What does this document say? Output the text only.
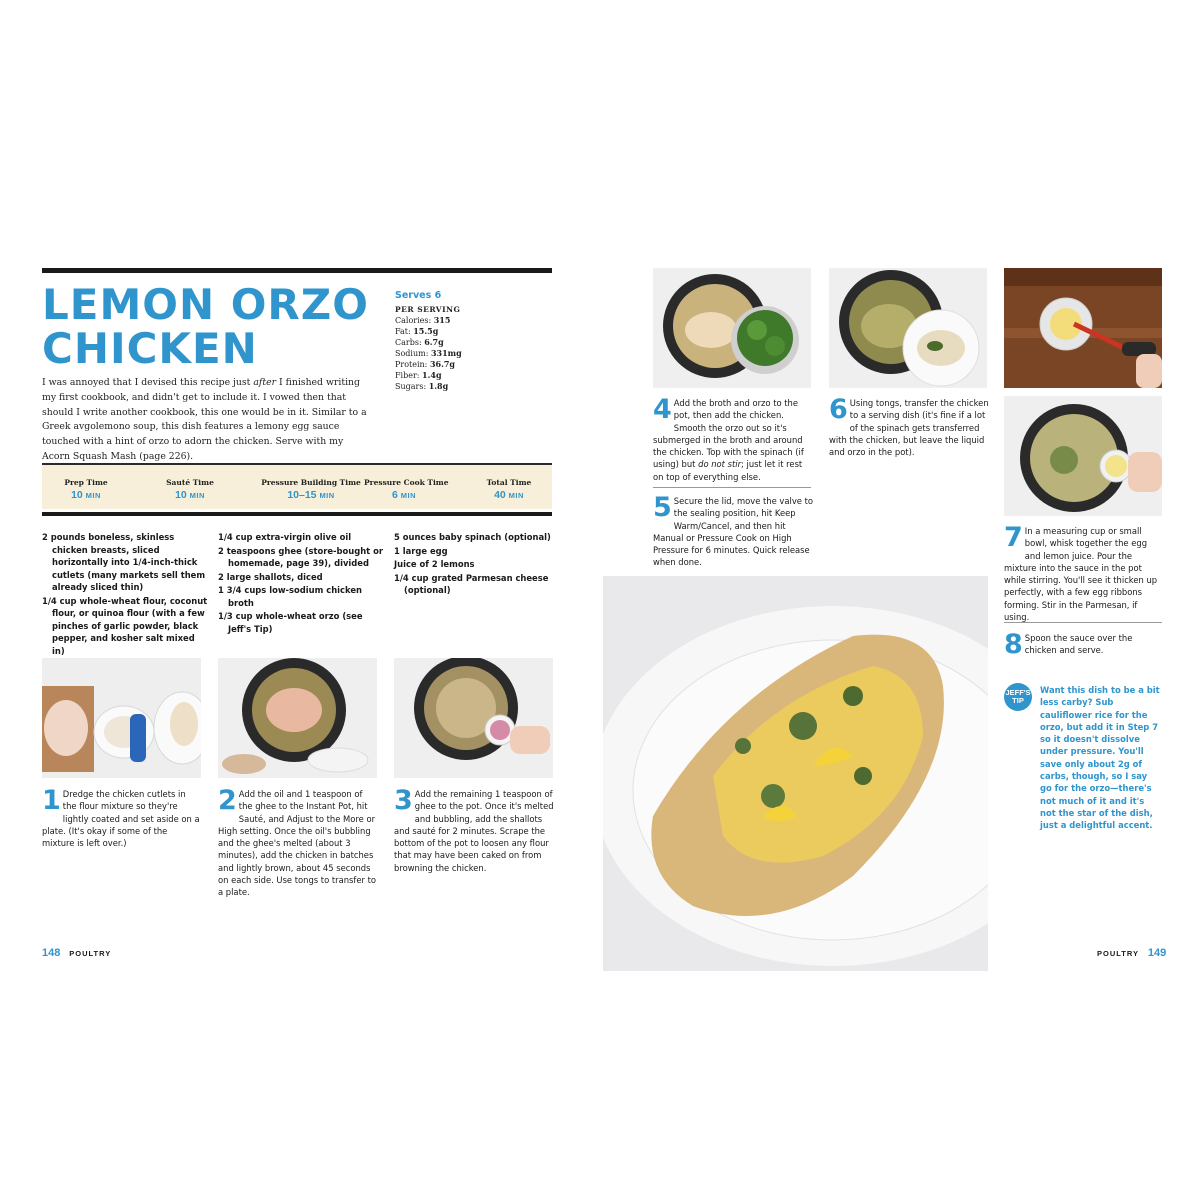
LEMON ORZO
CHICKEN
Serves 6
PER SERVING
Calories: 315
Fat: 15.5g
Carbs: 6.7g
Sodium: 331mg
Protein: 36.7g
Fiber: 1.4g
Sugars: 1.8g

I was annoyed that I devised this recipe just after I finished writing my first cookbook, and didn't get to include it. I vowed then that should I write another cookbook, this one would be in it. Similar to a Greek avgolemono soup, this dish features a lemony egg sauce touched with a hint of orzo to adorn the chicken. Serve with my Acorn Squash Mash (page 226).

Prep Time
10 MIN
Sauté Time
10 MIN
Pressure Building Time
10–15 MIN
Pressure Cook Time
6 MIN
Total Time
40 MIN
2 pounds boneless, skinless chicken breasts, sliced horizontally into 1/4-inch-thick cutlets (many markets sell them already sliced thin)
1/4 cup whole-wheat flour, coconut flour, or quinoa flour (with a few pinches of garlic powder, black pepper, and kosher salt mixed in)
1/4 cup extra-virgin olive oil
2 teaspoons ghee (store-bought or homemade, page 39), divided
2 large shallots, diced
1 3/4 cups low-sodium chicken broth
1/3 cup whole-wheat orzo (see Jeff's Tip)
5 ounces baby spinach (optional)
1 large egg
Juice of 2 lemons
1/4 cup grated Parmesan cheese (optional)
1 Dredge the chicken cutlets in the flour mixture so they're lightly coated and set aside on a plate. (It's okay if some of the mixture is left over.)
2 Add the oil and 1 teaspoon of the ghee to the Instant Pot, hit Sauté, and Adjust to the More or High setting. Once the oil's bubbling and the ghee's melted (about 3 minutes), add the chicken in batches and lightly brown, about 45 seconds on each side. Use tongs to transfer to a plate.
3 Add the remaining 1 teaspoon of ghee to the pot. Once it's melted and bubbling, add the shallots and sauté for 2 minutes. Scrape the bottom of the pot to loosen any flour that may have been caked on from browning the chicken.
148 POULTRY
4 Add the broth and orzo to the pot, then add the chicken. Smooth the orzo out so it's submerged in the broth and around the chicken. Top with the spinach (if using) but do not stir; just let it rest on top of everything else.
5 Secure the lid, move the valve to the sealing position, hit Keep Warm/Cancel, and then hit Manual or Pressure Cook on High Pressure for 6 minutes. Quick release when done.
6 Using tongs, transfer the chicken to a serving dish (it's fine if a lot of the spinach gets transferred with the chicken, but leave the liquid and orzo in the pot).
7 In a measuring cup or small bowl, whisk together the egg and lemon juice. Pour the mixture into the sauce in the pot while stirring. You'll see it thicken up perfectly, with a few egg ribbons forming. Stir in the Parmesan, if using.
8 Spoon the sauce over the chicken and serve.
JEFF'S
TIP
Want this dish to be a bit less carby? Sub cauliflower rice for the orzo, but add it in Step 7 so it doesn't dissolve under pressure. You'll save only about 2g of carbs, though, so I say go for the orzo—there's not much of it and it's not the star of the dish, just a delightful accent.
POULTRY 149
